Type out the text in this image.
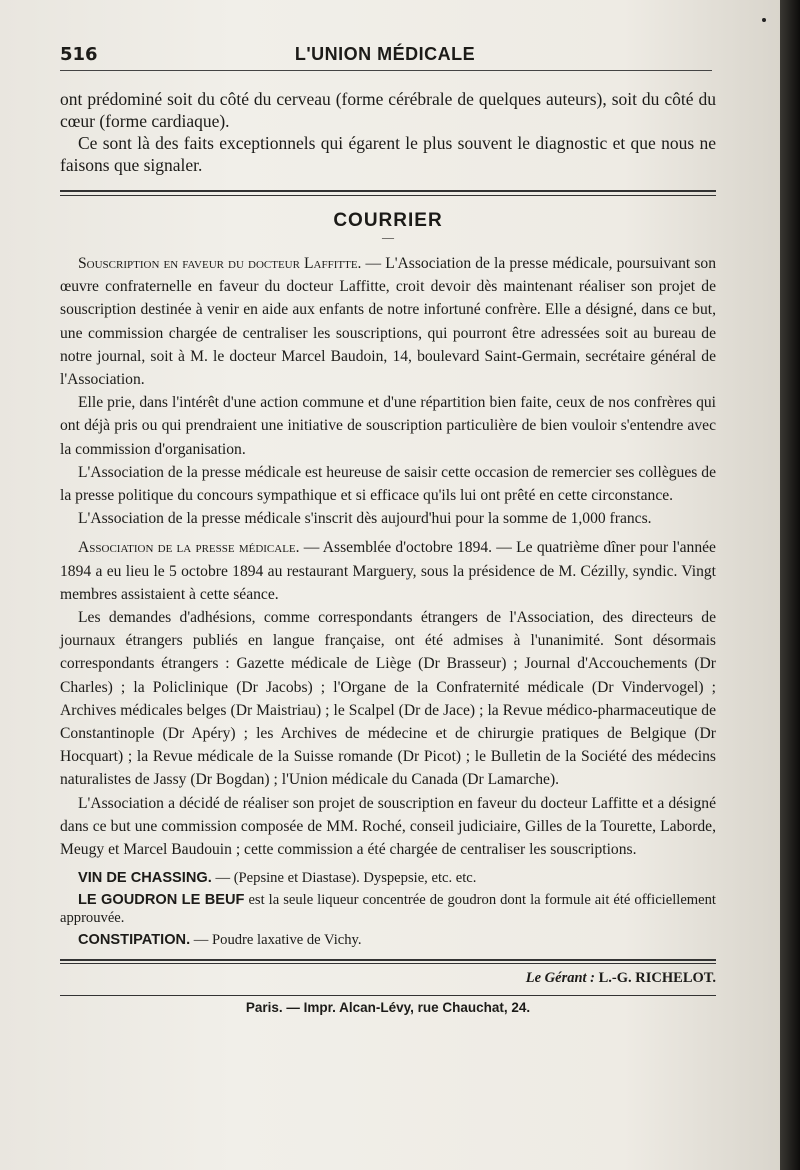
516	L'UNION MÉDICALE

ont prédominé soit du côté du cerveau (forme cérébrale de quelques auteurs), soit du côté du cœur (forme cardiaque).

Ce sont là des faits exceptionnels qui égarent le plus souvent le diagnostic et que nous ne faisons que signaler.

COURRIER
—

Souscription en faveur du docteur Laffitte. — L'Association de la presse médicale, poursuivant son œuvre confraternelle en faveur du docteur Laffitte, croit devoir dès maintenant réaliser son projet de souscription destinée à venir en aide aux enfants de notre infortuné confrère. Elle a désigné, dans ce but, une commission chargée de centraliser les souscriptions, qui pourront être adressées soit au bureau de notre journal, soit à M. le docteur Marcel Baudoin, 14, boulevard Saint-Germain, secrétaire général de l'Association.

Elle prie, dans l'intérêt d'une action commune et d'une répartition bien faite, ceux de nos confrères qui ont déjà pris ou qui prendraient une initiative de souscription particulière de bien vouloir s'entendre avec la commission d'organisation.

L'Association de la presse médicale est heureuse de saisir cette occasion de remercier ses collègues de la presse politique du concours sympathique et si efficace qu'ils lui ont prêté en cette circonstance.

L'Association de la presse médicale s'inscrit dès aujourd'hui pour la somme de 1,000 francs.

Association de la presse médicale. — Assemblée d'octobre 1894. — Le quatrième dîner pour l'année 1894 a eu lieu le 5 octobre 1894 au restaurant Marguery, sous la présidence de M. Cézilly, syndic. Vingt membres assistaient à cette séance.

Les demandes d'adhésions, comme correspondants étrangers de l'Association, des directeurs de journaux étrangers publiés en langue française, ont été admises à l'unanimité. Sont désormais correspondants étrangers : Gazette médicale de Liège (Dr Brasseur) ; Journal d'Accouchements (Dr Charles) ; la Policlinique (Dr Jacobs) ; l'Organe de la Confraternité médicale (Dr Vindervogel) ; Archives médicales belges (Dr Maistriau) ; le Scalpel (Dr de Jace) ; la Revue médico-pharmaceutique de Constantinople (Dr Apéry) ; les Archives de médecine et de chirurgie pratiques de Belgique (Dr Hocquart) ; la Revue médicale de la Suisse romande (Dr Picot) ; le Bulletin de la Société des médecins naturalistes de Jassy (Dr Bogdan) ; l'Union médicale du Canada (Dr Lamarche).

L'Association a décidé de réaliser son projet de souscription en faveur du docteur Laffitte et a désigné dans ce but une commission composée de MM. Roché, conseil judiciaire, Gilles de la Tourette, Laborde, Meugy et Marcel Baudouin ; cette commission a été chargée de centraliser les souscriptions.

VIN DE CHASSING. — (Pepsine et Diastase). Dyspepsie, etc. etc.

LE GOUDRON LE BEUF est la seule liqueur concentrée de goudron dont la formule ait été officiellement approuvée.

CONSTIPATION. — Poudre laxative de Vichy.

Le Gérant : L.-G. RICHELOT.
Paris. — Impr. Alcan-Lévy, rue Chauchat, 24.
